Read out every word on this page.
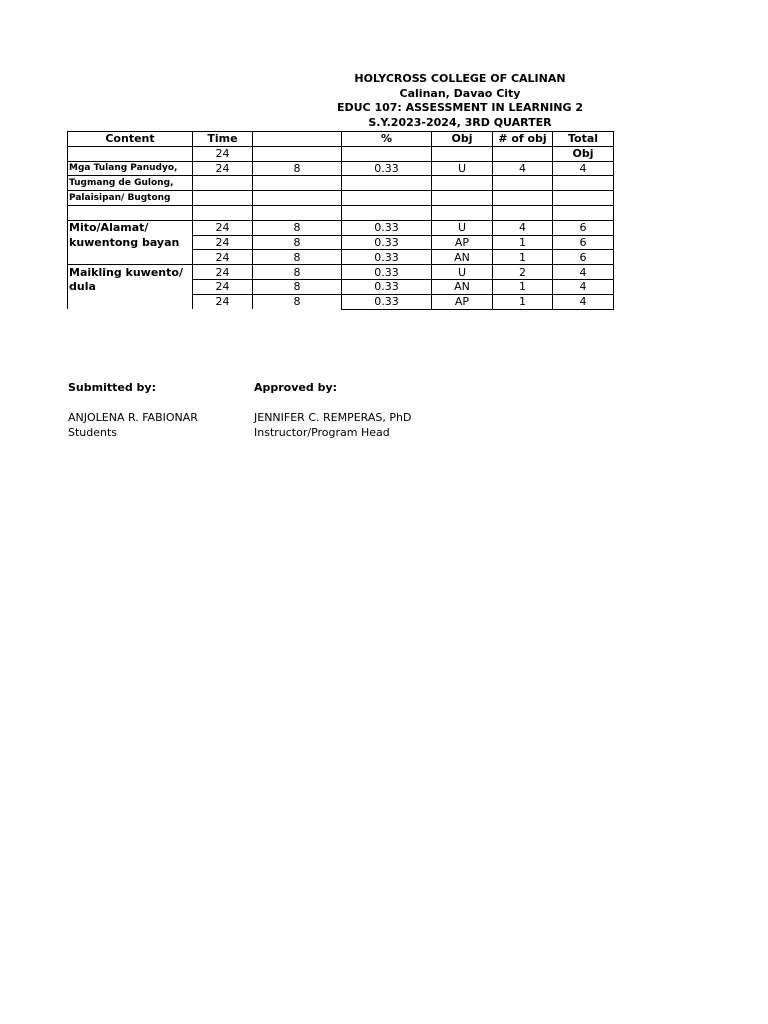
HOLYCROSS COLLEGE OF CALINAN
Calinan, Davao City
EDUC 107: ASSESSMENT IN LEARNING 2
S.Y.2023-2024, 3RD QUARTER
Content	Time		%	Obj	# of obj	Total
	24					Obj
Mga Tulang Panudyo,	24	8	0.33	U	4	4
Tugmang de Gulong,						
Palaisipan/ Bugtong						

Mito/Alamat/	24	8	0.33	U	4	6
kuwentong bayan	24	8	0.33	AP	1	6
	24	8	0.33	AN	1	6
Maikling kuwento/	24	8	0.33	U	2	4
dula	24	8	0.33	AN	1	4
	24	8	0.33	AP	1	4
Submitted by:
ANJOLENA R. FABIONAR
Students
Approved by:
JENNIFER C. REMPERAS, PhD
Instructor/Program Head
